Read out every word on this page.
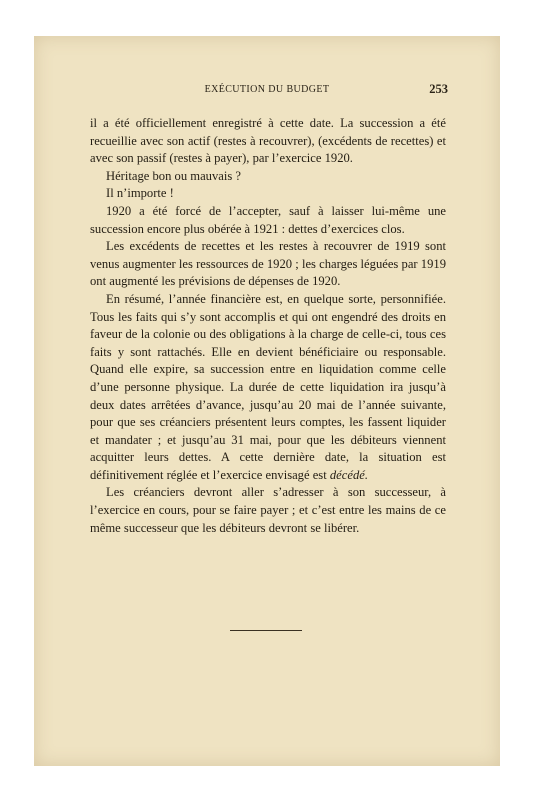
EXÉCUTION DU BUDGET	253

il a été officiellement enregistré à cette date. La succession a été recueillie avec son actif (restes à recouvrer), (excédents de recettes) et avec son passif (restes à payer), par l’exercice 1920.

Héritage bon ou mauvais ?

Il n’importe !

1920 a été forcé de l’accepter, sauf à laisser lui-même une succession encore plus obérée à 1921 : dettes d’exercices clos.

Les excédents de recettes et les restes à recouvrer de 1919 sont venus augmenter les ressources de 1920 ; les charges léguées par 1919 ont augmenté les prévisions de dépenses de 1920.

En résumé, l’année financière est, en quelque sorte, personnifiée. Tous les faits qui s’y sont accomplis et qui ont engendré des droits en faveur de la colonie ou des obligations à la charge de celle-ci, tous ces faits y sont rattachés. Elle en devient bénéficiaire ou responsable. Quand elle expire, sa succession entre en liquidation comme celle d’une personne physique. La durée de cette liquidation ira jusqu’à deux dates arrêtées d’avance, jusqu’au 20 mai de l’année suivante, pour que ses créanciers présentent leurs comptes, les fassent liquider et mandater ; et jusqu’au 31 mai, pour que les débiteurs viennent acquitter leurs dettes. A cette dernière date, la situation est définitivement réglée et l’exercice envisagé est décédé.

Les créanciers devront aller s’adresser à son successeur, à l’exercice en cours, pour se faire payer ; et c’est entre les mains de ce même successeur que les débiteurs devront se libérer.
